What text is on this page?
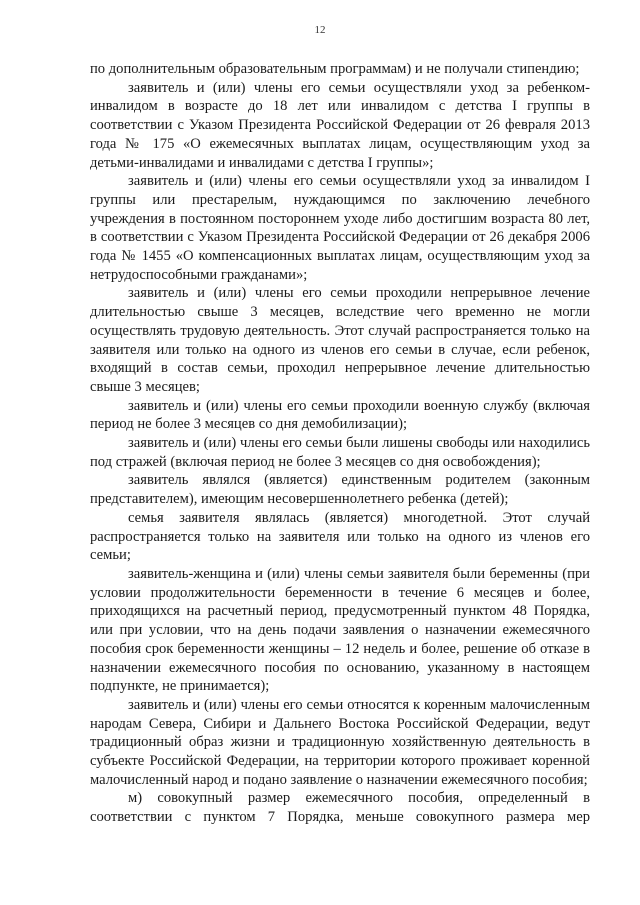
12

по дополнительным образовательным программам) и не получали стипендию;

заявитель и (или) члены его семьи осуществляли уход за ребенком-инвалидом в возрасте до 18 лет или инвалидом с детства I группы в соответствии с Указом Президента Российской Федерации от 26 февраля 2013 года № 175 «О ежемесячных выплатах лицам, осуществляющим уход за детьми-инвалидами и инвалидами с детства I группы»;

заявитель и (или) члены его семьи осуществляли уход за инвалидом I группы или престарелым, нуждающимся по заключению лечебного учреждения в постоянном постороннем уходе либо достигшим возраста 80 лет, в соответствии с Указом Президента Российской Федерации от 26 декабря 2006 года № 1455 «О компенсационных выплатах лицам, осуществляющим уход за нетрудоспособными гражданами»;

заявитель и (или) члены его семьи проходили непрерывное лечение длительностью свыше 3 месяцев, вследствие чего временно не могли осуществлять трудовую деятельность. Этот случай распространяется только на заявителя или только на одного из членов его семьи в случае, если ребенок, входящий в состав семьи, проходил непрерывное лечение длительностью свыше 3 месяцев;

заявитель и (или) члены его семьи проходили военную службу (включая период не более 3 месяцев со дня демобилизации);

заявитель и (или) члены его семьи были лишены свободы или находились под стражей (включая период не более 3 месяцев со дня освобождения);

заявитель являлся (является) единственным родителем (законным представителем), имеющим несовершеннолетнего ребенка (детей);

семья заявителя являлась (является) многодетной. Этот случай распространяется только на заявителя или только на одного из членов его семьи;

заявитель-женщина и (или) члены семьи заявителя были беременны (при условии продолжительности беременности в течение 6 месяцев и более, приходящихся на расчетный период, предусмотренный пунктом 48 Порядка, или при условии, что на день подачи заявления о назначении ежемесячного пособия срок беременности женщины – 12 недель и более, решение об отказе в назначении ежемесячного пособия по основанию, указанному в настоящем подпункте, не принимается);

заявитель и (или) члены его семьи относятся к коренным малочисленным народам Севера, Сибири и Дальнего Востока Российской Федерации, ведут традиционный образ жизни и традиционную хозяйственную деятельность в субъекте Российской Федерации, на территории которого проживает коренной малочисленный народ и подано заявление о назначении ежемесячного пособия;

м) совокупный размер ежемесячного пособия, определенный в соответствии с пунктом 7 Порядка, меньше совокупного размера мер
